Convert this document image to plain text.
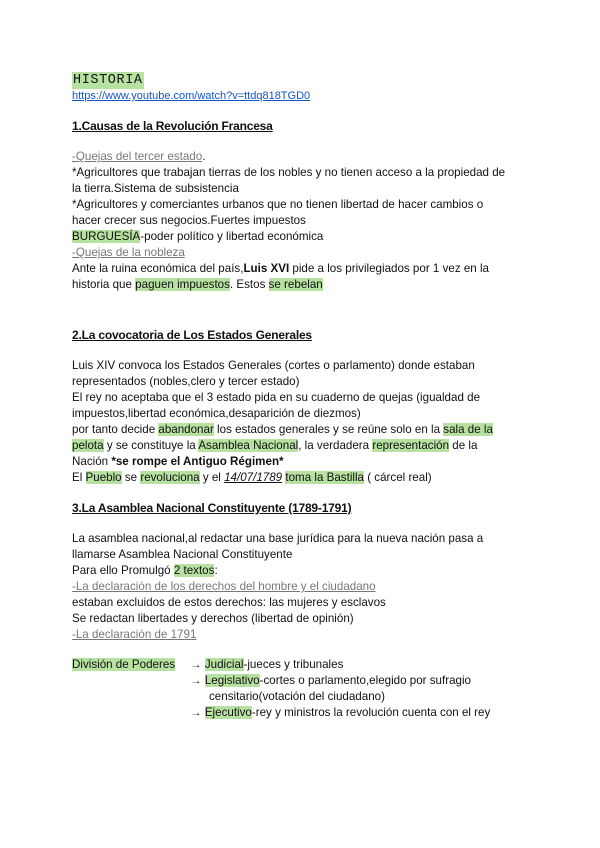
HISTORIA
https://www.youtube.com/watch?v=ttdq818TGD0
1.Causas de la Revolución Francesa
-Quejas del tercer estado.
*Agricultores que trabajan tierras de los nobles y no tienen acceso a la propiedad de
la tierra.Sistema de subsistencia
*Agricultores y comerciantes urbanos que no tienen libertad de hacer cambios o
hacer crecer sus negocios.Fuertes impuestos
BURGUESÍA-poder político y libertad económica
-Quejas de la nobleza
Ante la ruina económica del país,Luis XVI pide a los privilegiados por 1 vez en la
historia que paguen impuestos. Estos se rebelan
2.La covocatoria de Los Estados Generales
Luis XIV convoca los Estados Generales (cortes o parlamento) donde estaban
representados (nobles,clero y tercer estado)
El rey no aceptaba que el 3 estado pida en su cuaderno de quejas (igualdad de
impuestos,libertad económica,desaparición de diezmos)
por tanto decide abandonar los estados generales y se reúne solo en la sala de la
pelota y se constituye la Asamblea Nacional, la verdadera representación de la
Nación *se rompe el Antiguo Régimen*
El Pueblo se revoluciona y el 14/07/1789 toma la Bastilla ( cárcel real)
3.La Asamblea Nacional Constituyente (1789-1791)
La asamblea nacional,al redactar una base jurídica para la nueva nación pasa a
llamarse Asamblea Nacional Constituyente
Para ello Promulgó 2 textos:
-La declaración de los derechos del hombre y el ciudadano
estaban excluidos de estos derechos: las mujeres y esclavos
Se redactan libertades y derechos (libertad de opinión)
-La declaración de 1791
División de Poderes → Judicial-jueces y tribunales
→ Legislativo-cortes o parlamento,elegido por sufragio
censitario(votación del ciudadano)
→ Ejecutivo-rey y ministros la revolución cuenta con el rey
